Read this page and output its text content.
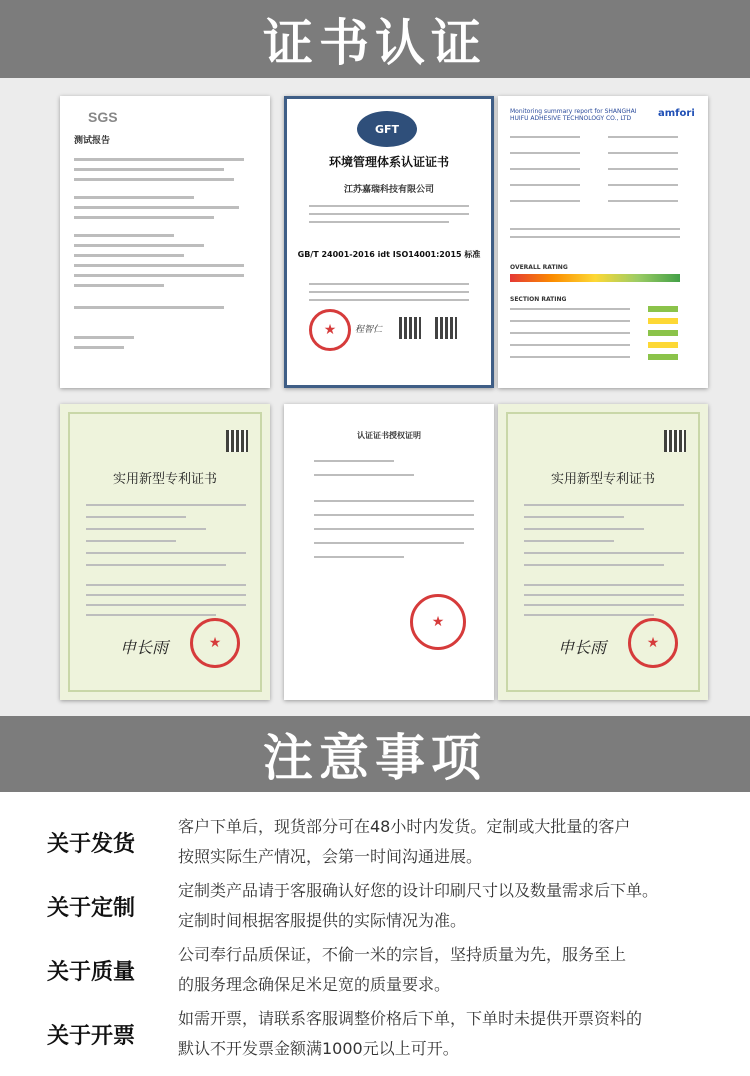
证书认证
SGS
测试报告
GFT
环境管理体系认证证书
江苏嘉瑞科技有限公司
GB/T 24001-2016 idt ISO14001:2015 标准
★	程智仁
Monitoring summary report for SHANGHAI HUIFU ADHESIVE TECHNOLOGY CO., LTD	amfori
OVERALL RATING
SECTION RATING
实用新型专利证书
★
申长雨
认证证书授权证明
★
实用新型专利证书
★
申长雨
注意事项
关于发货
客户下单后，现货部分可在48小时内发货。定制或大批量的客户
按照实际生产情况，会第一时间沟通进展。
关于定制
定制类产品请于客服确认好您的设计印刷尺寸以及数量需求后下单。
定制时间根据客服提供的实际情况为准。
关于质量
公司奉行品质保证，不偷一米的宗旨，坚持质量为先，服务至上
的服务理念确保足米足宽的质量要求。
关于开票
如需开票，请联系客服调整价格后下单，下单时未提供开票资料的
默认不开发票金额满1000元以上可开。
